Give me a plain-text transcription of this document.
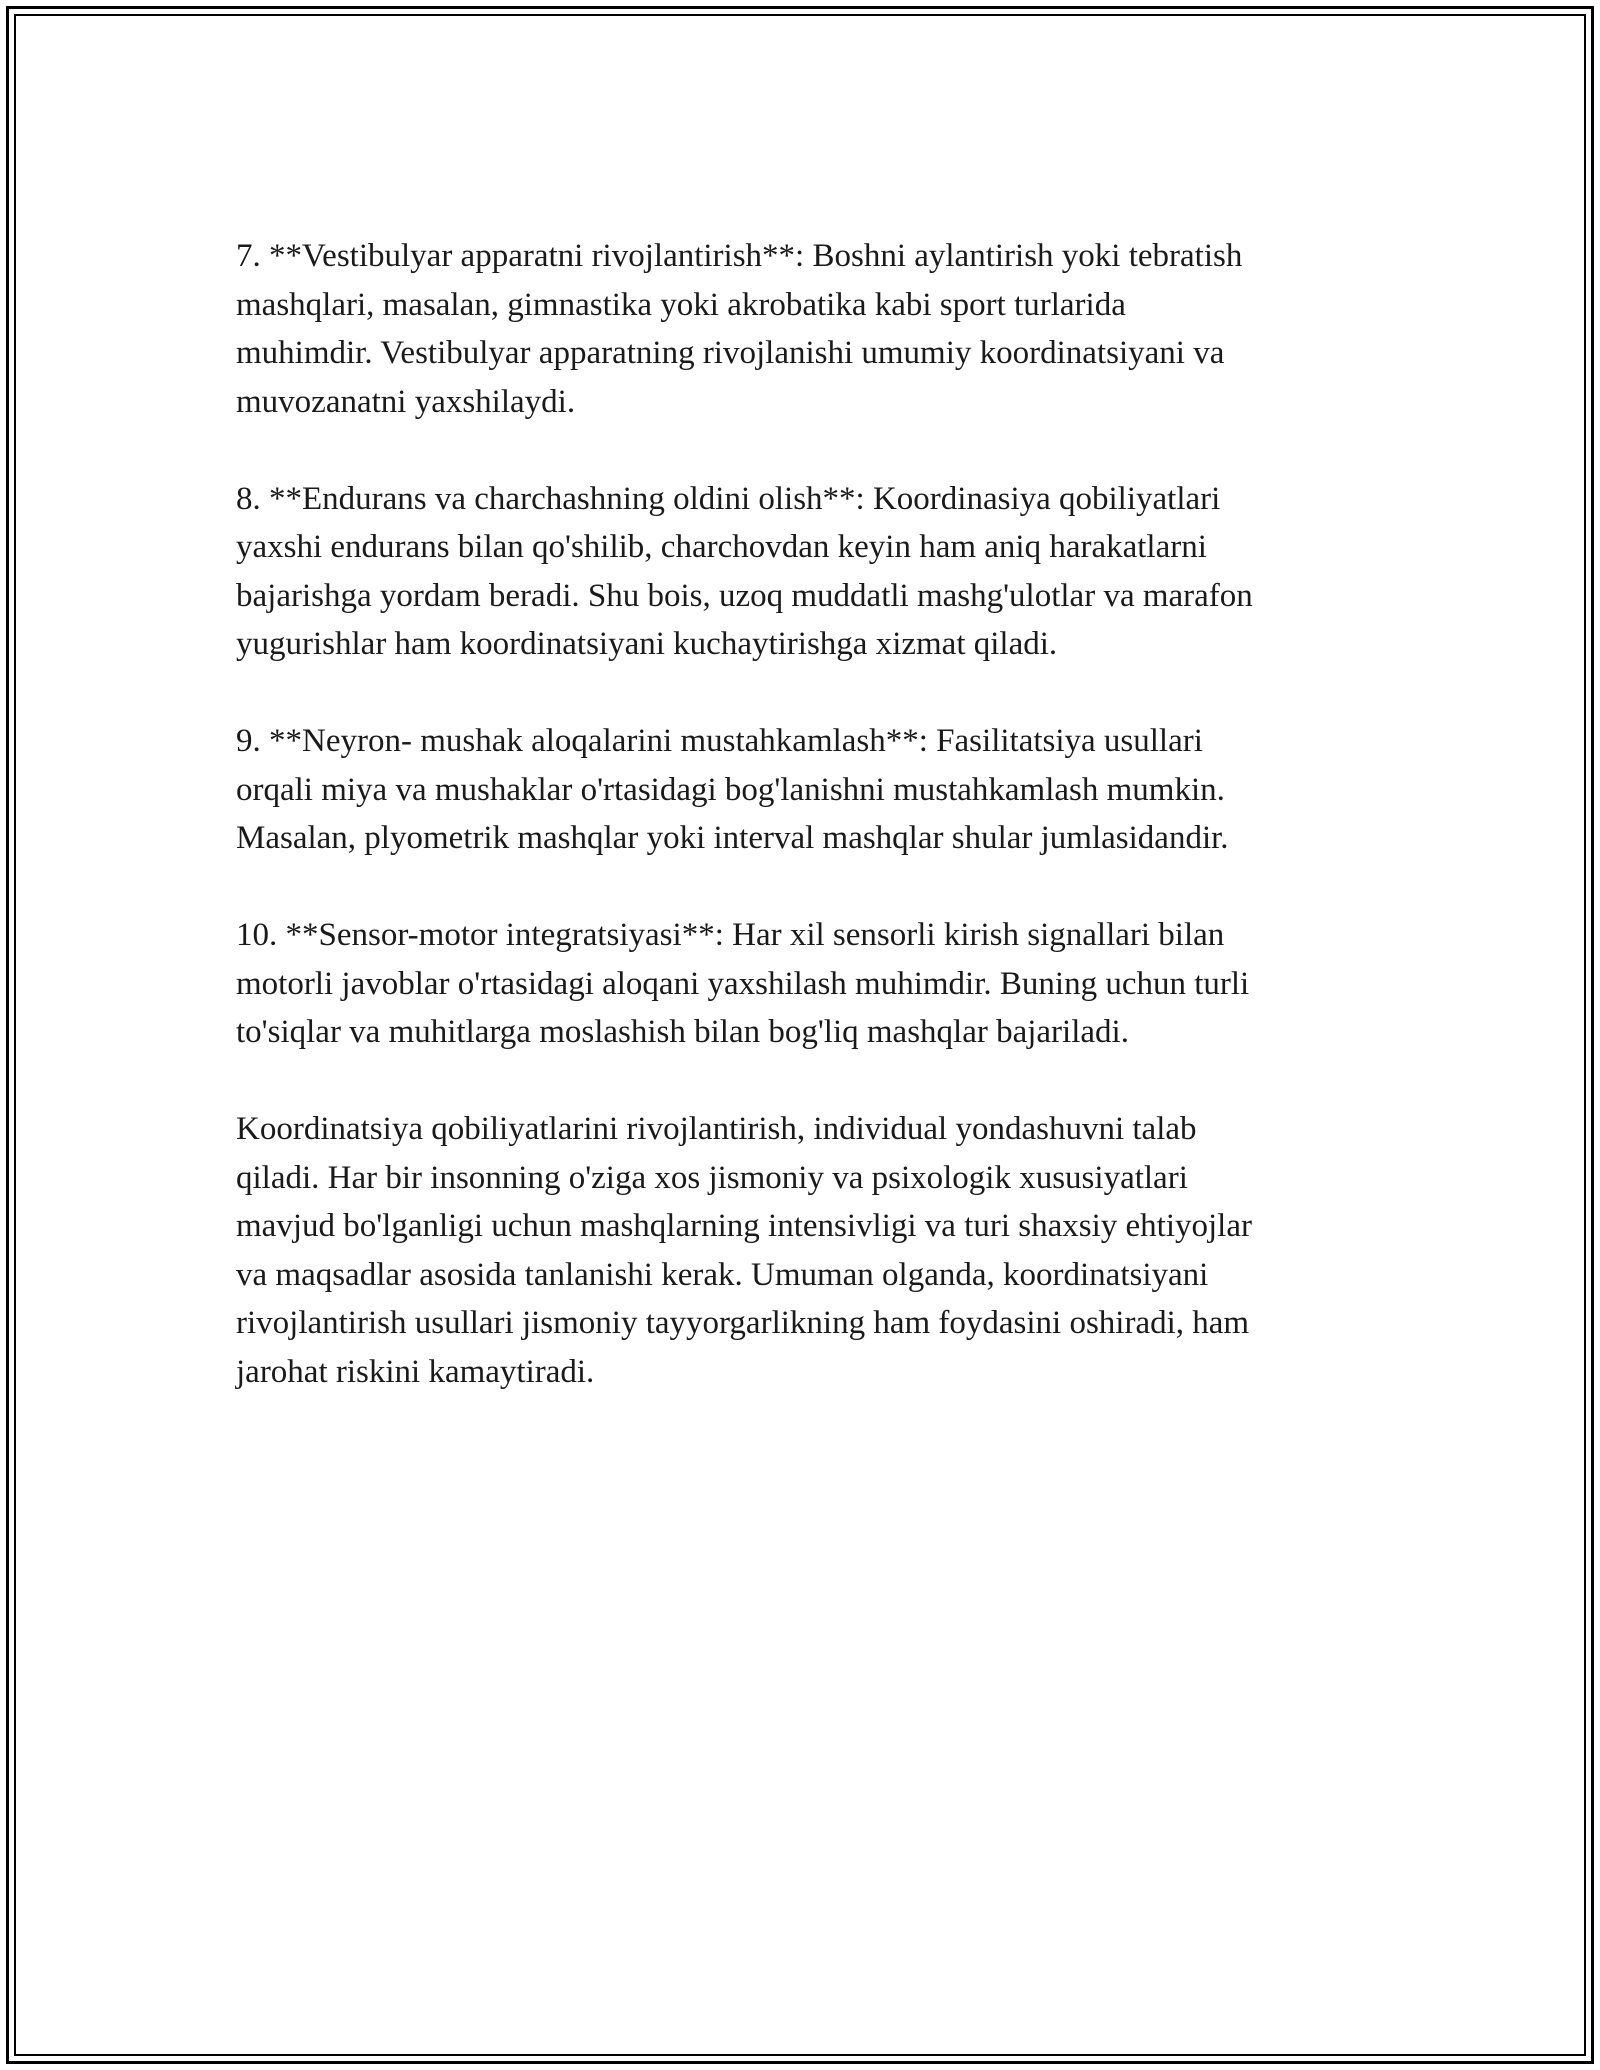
7. **Vestibulyar apparatni rivojlantirish**: Boshni aylantirish yoki tebratish
mashqlari, masalan, gimnastika yoki akrobatika kabi sport turlarida
muhimdir. Vestibulyar apparatning rivojlanishi umumiy koordinatsiyani va
muvozanatni yaxshilaydi.

8. **Endurans va charchashning oldini olish**: Koordinasiya qobiliyatlari
yaxshi endurans bilan qo'shilib, charchovdan keyin ham aniq harakatlarni
bajarishga yordam beradi. Shu bois, uzoq muddatli mashg'ulotlar va marafon
yugurishlar ham koordinatsiyani kuchaytirishga xizmat qiladi.

9. **Neyron- mushak aloqalarini mustahkamlash**: Fasilitatsiya usullari
orqali miya va mushaklar o'rtasidagi bog'lanishni mustahkamlash mumkin.
Masalan, plyometrik mashqlar yoki interval mashqlar shular jumlasidandir.

10. **Sensor-motor integratsiyasi**: Har xil sensorli kirish signallari bilan
motorli javoblar o'rtasidagi aloqani yaxshilash muhimdir. Buning uchun turli
to'siqlar va muhitlarga moslashish bilan bog'liq mashqlar bajariladi.

Koordinatsiya qobiliyatlarini rivojlantirish, individual yondashuvni talab
qiladi. Har bir insonning o'ziga xos jismoniy va psixologik xususiyatlari
mavjud bo'lganligi uchun mashqlarning intensivligi va turi shaxsiy ehtiyojlar
va maqsadlar asosida tanlanishi kerak. Umuman olganda, koordinatsiyani
rivojlantirish usullari jismoniy tayyorgarlikning ham foydasini oshiradi, ham
jarohat riskini kamaytiradi.
